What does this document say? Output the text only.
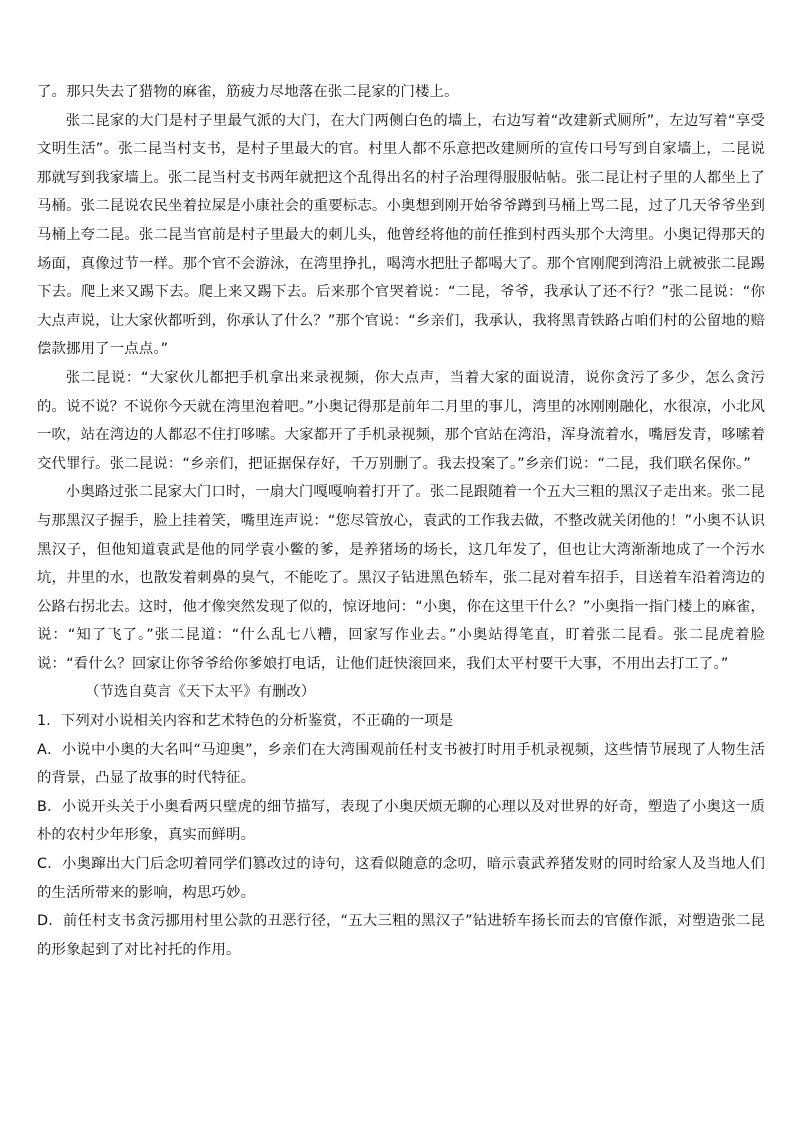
了。那只失去了猎物的麻雀，筋疲力尽地落在张二昆家的门楼上。

张二昆家的大门是村子里最气派的大门，在大门两侧白色的墙上，右边写着“改建新式厕所”，左边写着“享受文明生活”。张二昆当村支书，是村子里最大的官。村里人都不乐意把改建厕所的宣传口号写到自家墙上，二昆说那就写到我家墙上。张二昆当村支书两年就把这个乱得出名的村子治理得服服帖帖。张二昆让村子里的人都坐上了马桶。张二昆说农民坐着拉屎是小康社会的重要标志。小奥想到刚开始爷爷蹲到马桶上骂二昆，过了几天爷爷坐到马桶上夸二昆。张二昆当官前是村子里最大的刺儿头，他曾经将他的前任推到村西头那个大湾里。小奥记得那天的场面，真像过节一样。那个官不会游泳，在湾里挣扎，喝湾水把肚子都喝大了。那个官刚爬到湾沿上就被张二昆踢下去。爬上来又踢下去。爬上来又踢下去。后来那个官哭着说：“二昆，爷爷，我承认了还不行？”张二昆说：“你大点声说，让大家伙都听到，你承认了什么？”那个官说：“乡亲们，我承认，我将黑青铁路占咱们村的公留地的赔偿款挪用了一点点。”

张二昆说：“大家伙儿都把手机拿出来录视频，你大点声，当着大家的面说清，说你贪污了多少，怎么贪污的。说不说？不说你今天就在湾里泡着吧。”小奥记得那是前年二月里的事儿，湾里的冰刚刚融化，水很凉，小北风一吹，站在湾边的人都忍不住打哆嗦。大家都开了手机录视频，那个官站在湾沿，浑身流着水，嘴唇发青，哆嗦着交代罪行。张二昆说：“乡亲们，把证据保存好，千万别删了。我去投案了。”乡亲们说：“二昆，我们联名保你。”

小奥路过张二昆家大门口时，一扇大门嘎嘎响着打开了。张二昆跟随着一个五大三粗的黑汉子走出来。张二昆与那黑汉子握手，脸上挂着笑，嘴里连声说：“您尽管放心，袁武的工作我去做，不整改就关闭他的！”小奥不认识黑汉子，但他知道袁武是他的同学袁小鳖的爹，是养猪场的场长，这几年发了，但也让大湾渐渐地成了一个污水坑，井里的水，也散发着刺鼻的臭气，不能吃了。黑汉子钻进黑色轿车，张二昆对着车招手，目送着车沿着湾边的公路右拐北去。这时，他才像突然发现了似的，惊讶地问：“小奥，你在这里干什么？”小奥指一指门楼上的麻雀，说：“知了飞了。”张二昆道：“什么乱七八糟，回家写作业去。”小奥站得笔直，盯着张二昆看。张二昆虎着脸说：“看什么？回家让你爷爷给你爹娘打电话，让他们赶快滚回来，我们太平村要干大事，不用出去打工了。”

（节选自莫言《天下太平》有删改）

1．下列对小说相关内容和艺术特色的分析鉴赏，不正确的一项是

A．小说中小奥的大名叫“马迎奥”，乡亲们在大湾围观前任村支书被打时用手机录视频，这些情节展现了人物生活的背景，凸显了故事的时代特征。

B．小说开头关于小奥看两只壁虎的细节描写，表现了小奥厌烦无聊的心理以及对世界的好奇，塑造了小奥这一质朴的农村少年形象，真实而鲜明。

C．小奥蹿出大门后念叨着同学们篡改过的诗句，这看似随意的念叨，暗示袁武养猪发财的同时给家人及当地人们的生活所带来的影响，构思巧妙。

D．前任村支书贪污挪用村里公款的丑恶行径，“五大三粗的黑汉子”钻进轿车扬长而去的官僚作派，对塑造张二昆的形象起到了对比衬托的作用。
